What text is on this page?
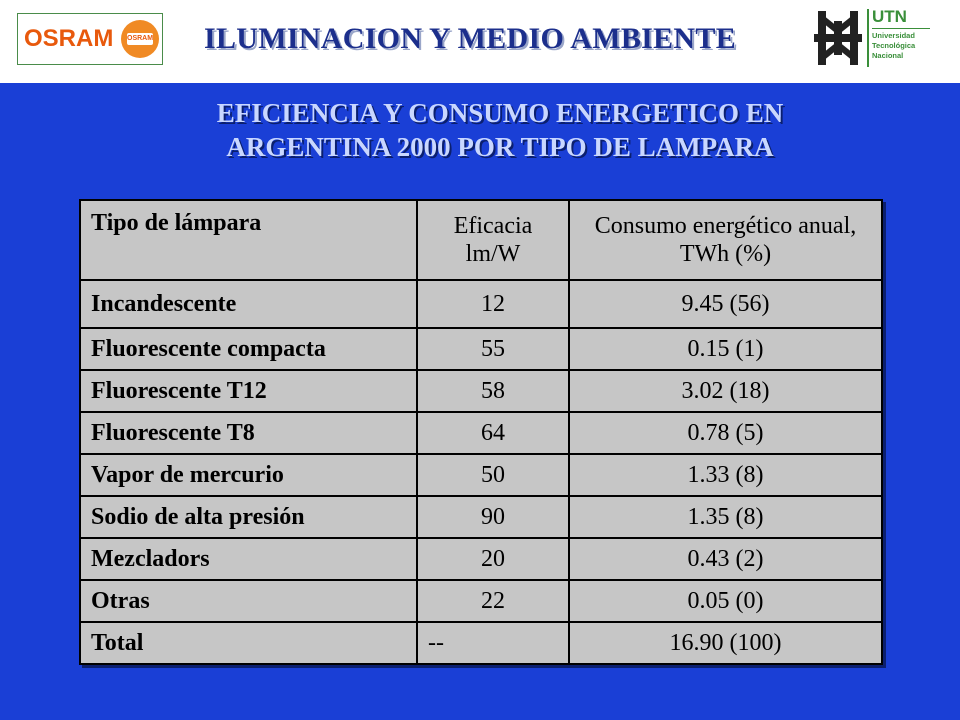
OSRAM OSRAM	ILUMINACION Y MEDIO AMBIENTE
UTN
Universidad
Tecnológica
Nacional
EFICIENCIA Y CONSUMO ENERGETICO EN
ARGENTINA 2000 POR TIPO DE LAMPARA
Tipo de lámpara	Eficacia lm/W	Consumo energético anual, TWh (%)
Incandescente	12	9.45 (56)
Fluorescente compacta	55	0.15 (1)
Fluorescente T12	58	3.02 (18)
Fluorescente T8	64	0.78 (5)
Vapor de mercurio	50	1.33 (8)
Sodio de alta presión	90	1.35 (8)
Mezcladors	20	0.43 (2)
Otras	22	0.05 (0)
Total	--	16.90 (100)
